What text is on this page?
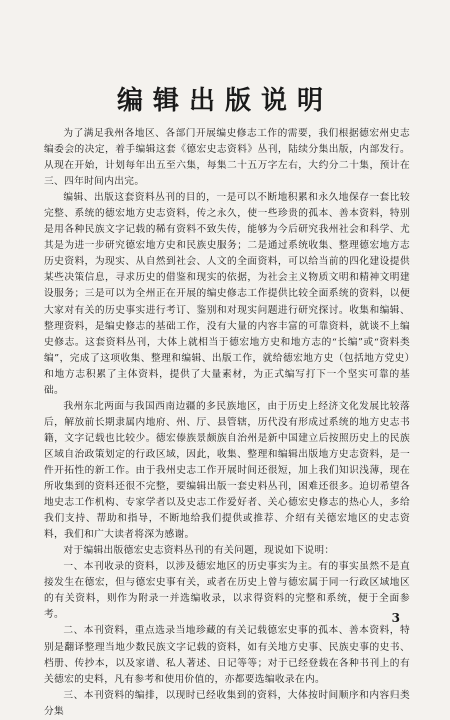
编辑出版说明

为了满足我州各地区、各部门开展编史修志工作的需要，我们根据德宏州史志编委会的决定，着手编辑这套《德宏史志资料》丛刊，陆续分集出版，内部发行。从现在开始，计划每年出五至六集，每集二十五万字左右，大约分二十集，预计在三、四年时间内出完。

编辑、出版这套资料丛刊的目的，一是可以不断地积累和永久地保存一套比较完整、系统的德宏地方史志资料，传之永久，使一些珍贵的孤本、善本资料，特别是用各种民族文字记载的稀有资料不致失传，能够为今后研究我州社会和科学、尤其是为进一步研究德宏地方史和民族史服务；二是通过系统收集、整理德宏地方志历史资料，为现实、从自然到社会、人文的全面资料，可以给当前的四化建设提供某些决策信息，寻求历史的借鉴和现实的依据，为社会主义物质文明和精神文明建设服务；三是可以为全州正在开展的编史修志工作提供比较全面系统的资料，以便大家对有关的历史事实进行考订、鉴别和对现实问题进行研究探讨。收集和编辑、整理资料，是编史修志的基础工作，没有大量的内容丰富的可靠资料，就谈不上编史修志。这套资料丛刊，大体上就相当于德宏地方史和地方志的“长编”或“资料类编”，完成了这项收集、整理和编辑、出版工作，就给德宏地方史（包括地方党史）和地方志积累了主体资料，提供了大量素材，为正式编写打下一个坚实可靠的基础。

我州东北两面与我国西南边疆的多民族地区，由于历史上经济文化发展比较落后，解放前长期隶属内地府、州、厅、县管辖，历代没有形成过系统的地方史志书籍，文字记载也比较少。德宏傣族景颇族自治州是新中国建立后按照历史上的民族区域自治政策划定的行政区域，因此，收集、整理和编辑出版地方史志资料，是一件开拓性的新工作。由于我州史志工作开展时间还很短，加上我们知识浅薄，现在所收集到的资料还很不完整，要编辑出版一套史料丛刊，困难还很多。迫切希望各地史志工作机构、专家学者以及史志工作爱好者、关心德宏史修志的热心人，多给我们支持、帮助和指导，不断地给我们提供或推荐、介绍有关德宏地区的史志资料，我们和广大读者将深为感谢。

对于编辑出版德宏史志资料丛刊的有关问题，现说如下说明：

一、本刊收录的资料，以涉及德宏地区的历史事实为主。有的事实虽然不是直接发生在德宏，但与德宏史事有关，或者在历史上曾与德宏属于同一行政区域地区的有关资料，则作为附录一并选编收录，以求得资料的完整和系统，便于全面参考。

二、本刊资料，重点选录当地珍藏的有关记载德宏史事的孤本、善本资料，特别是翻译整理当地少数民族文字记载的资料，如有关地方史事、民族史事的史书、档册、传抄本，以及家谱、私人著述、日记等等；对于已经登载在各种书刊上的有关德宏的史料，凡有参考和使用价值的，亦都要选编收录在内。

三、本刊资料的编排，以现时已经收集到的资料，大体按时间顺序和内容归类分集

3
